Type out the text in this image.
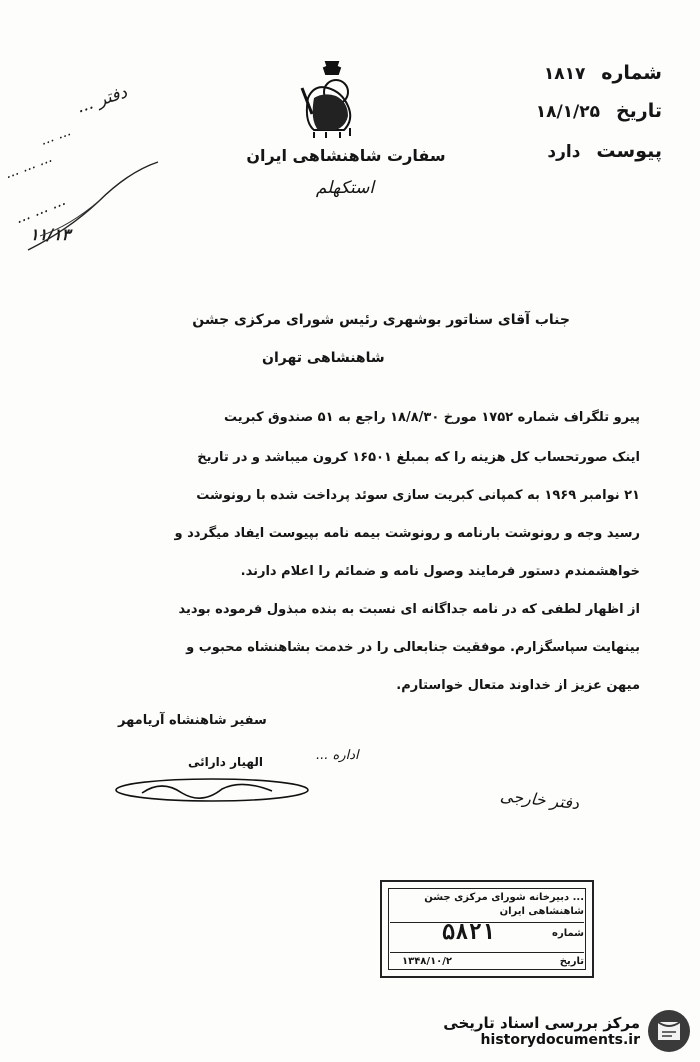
شماره ۱۸۱۷
تاریخ ۱۸/۱/۲۵
پیوست دارد
سفارت شاهنشاهی ایران
استکهلم
دفتر ...
... ...
... ... ...
... ... ...
۱۱/۱۳
جناب آقای سناتور بوشهری رئیس شورای مرکزی جشن
شاهنشاهی تهران
پیرو تلگراف شماره ۱۷۵۲ مورخ ۱۸/۸/۳۰ راجع به ۵۱ صندوق کبریت
اینک صورتحساب کل هزینه را که بمبلغ ۱۶۵۰۱ کرون میباشد و در تاریخ
۲۱ نوامبر ۱۹۶۹ به کمپانی کبریت سازی سوئد پرداخت شده با رونوشت
رسید وجه و رونوشت بارنامه و رونوشت بیمه نامه بپیوست ایفاد میگردد و
خواهشمندم دستور فرمایند وصول نامه و ضمائم را اعلام دارند.
از اظهار لطفی که در نامه جداگانه ای نسبت به بنده مبذول فرموده بودید
بینهایت سپاسگزارم. موفقیت جنابعالی را در خدمت بشاهنشاه محبوب و
میهن عزیز از خداوند متعال خواستارم.
سفیر شاهنشاه آریامهر
الهیار دارائی	اداره ...
دفتر خارجی
... دبیرخانه شورای مرکزی جشن
شاهنشاهی ایران
شماره
۵۸۲۱
تاریخ
۱۳۴۸/۱۰/۲
مرکز بررسی اسناد تاریخی
historydocuments.ir
